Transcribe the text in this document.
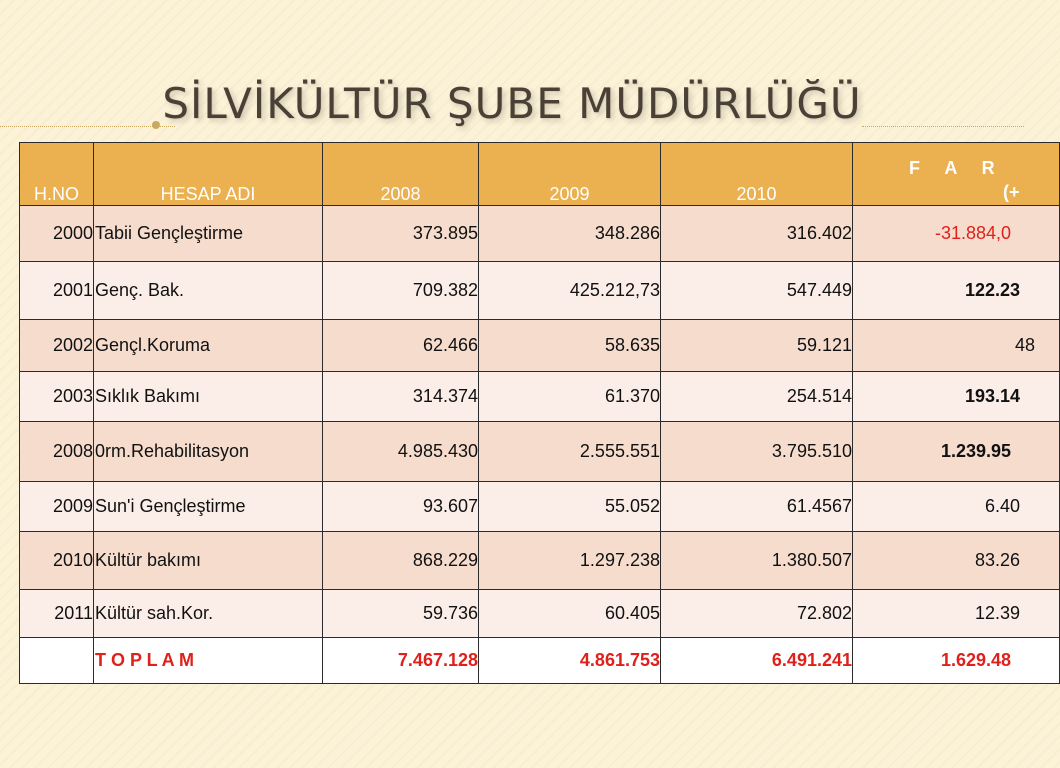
SİLVİKÜLTÜR ŞUBE MÜDÜRLÜĞÜ
H.NO	HESAP ADI	2008	2009	2010	F A R
(+

2000	Tabii Gençleştirme	373.895	348.286	316.402	-31.884,0
2001	Genç. Bak.	709.382	425.212,73	547.449	122.23
2002	Gençl.Koruma	62.466	58.635	59.121	48
2003	Sıklık Bakımı	314.374	61.370	254.514	193.14
2008	0rm.Rehabilitasyon	4.985.430	2.555.551	3.795.510	1.239.95
2009	Sun'i Gençleştirme	93.607	55.052	61.4567	6.40
2010	Kültür bakımı	868.229	1.297.238	1.380.507	83.26
2011	Kültür sah.Kor.	59.736	60.405	72.802	12.39
	T O P L A M	7.467.128	4.861.753	6.491.241	1.629.48
